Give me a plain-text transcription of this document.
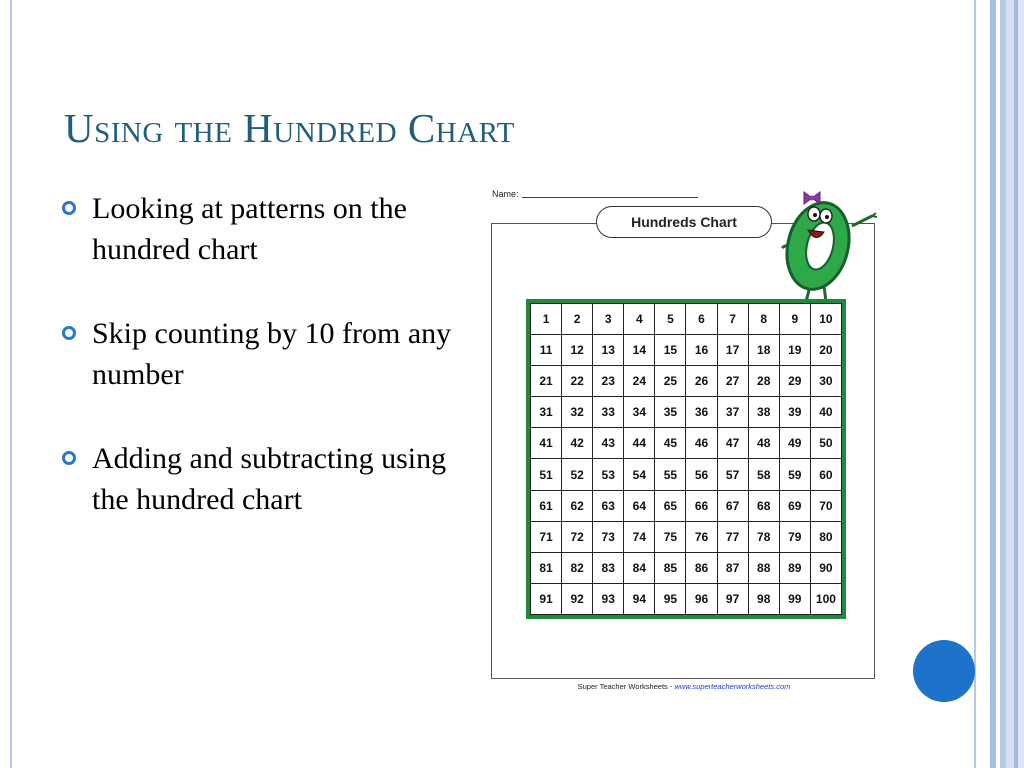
Using the Hundred Chart
Looking at patterns on the hundred chart
Skip counting by 10 from any number
Adding and subtracting using the hundred chart
Name:
Hundreds Chart
1	2	3	4	5	6	7	8	9	10
11	12	13	14	15	16	17	18	19	20
21	22	23	24	25	26	27	28	29	30
31	32	33	34	35	36	37	38	39	40
41	42	43	44	45	46	47	48	49	50
51	52	53	54	55	56	57	58	59	60
61	62	63	64	65	66	67	68	69	70
71	72	73	74	75	76	77	78	79	80
81	82	83	84	85	86	87	88	89	90
91	92	93	94	95	96	97	98	99	100
Super Teacher Worksheets - www.superteacherworksheets.com
